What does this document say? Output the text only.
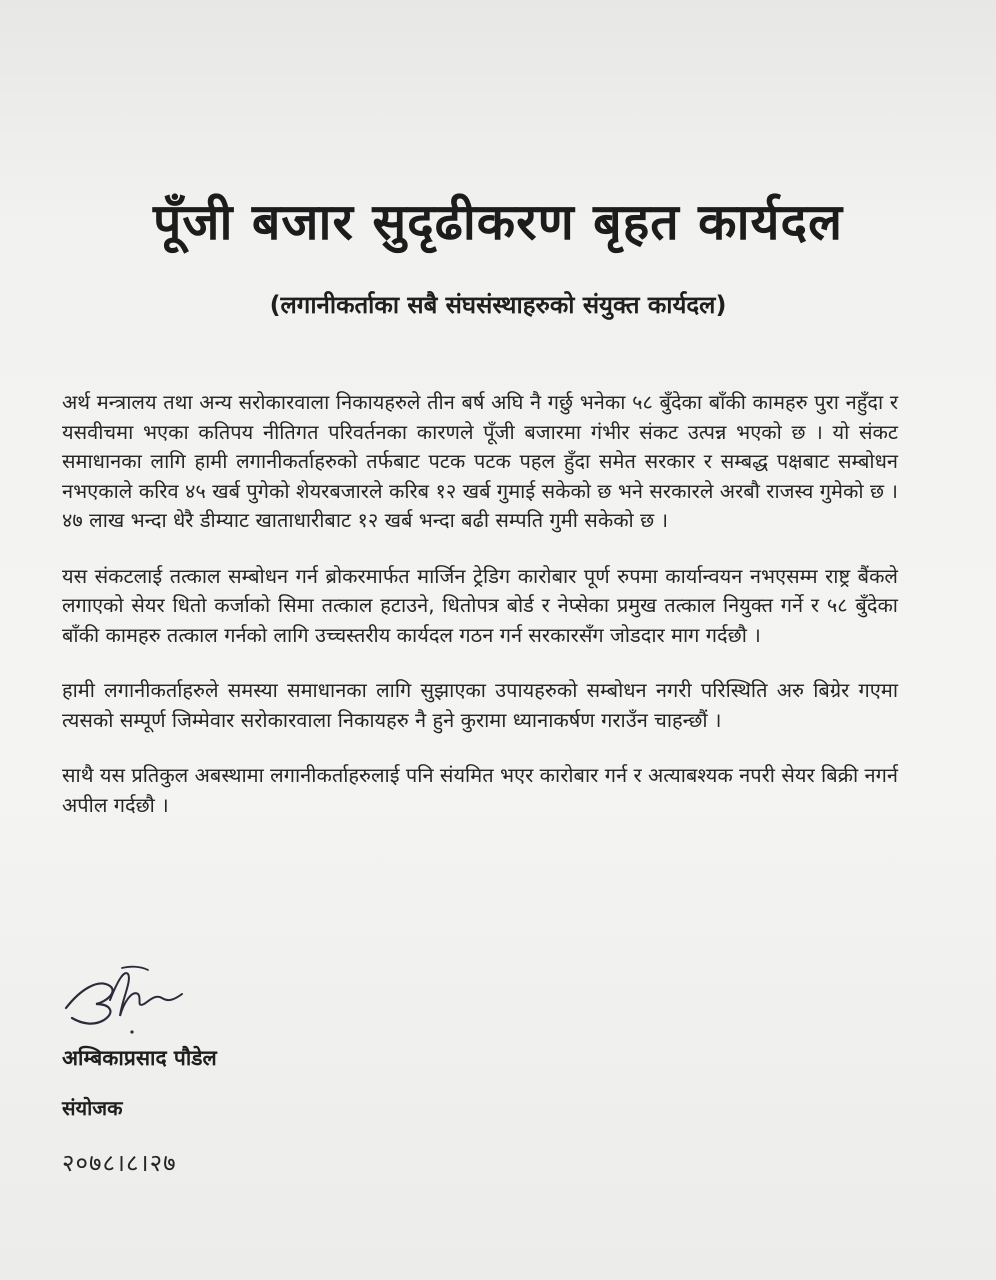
पूँजी बजार सुदृढीकरण बृहत कार्यदल
(लगानीकर्ताका सबै संघसंस्थाहरुको संयुक्त कार्यदल)

अर्थ मन्त्रालय तथा अन्य सरोकारवाला निकायहरुले तीन बर्ष अघि नै गर्छु भनेका ५८ बुँदेका बाँकी कामहरु पुरा नहुँदा र यसवीचमा भएका कतिपय नीतिगत परिवर्तनका कारणले पूँजी बजारमा गंभीर संकट उत्पन्न भएको छ । यो संकट समाधानका लागि हामी लगानीकर्ताहरुको तर्फबाट पटक पटक पहल हुँदा समेत सरकार र सम्बद्ध पक्षबाट सम्बोधन नभएकाले करिव ४५ खर्ब पुगेको शेयरबजारले करिब १२ खर्ब गुमाई सकेको छ भने सरकारले अरबौ राजस्व गुमेको छ । ४७ लाख भन्दा धेरै डीम्याट खाताधारीबाट १२ खर्ब भन्दा बढी सम्पति गुमी सकेको छ ।

यस संकटलाई तत्काल सम्बोधन गर्न ब्रोकरमार्फत मार्जिन ट्रेडिग कारोबार पूर्ण रुपमा कार्यान्वयन नभएसम्म राष्ट्र बैंकले लगाएको सेयर धितो कर्जाको सिमा तत्काल हटाउने, धितोपत्र बोर्ड र नेप्सेका प्रमुख तत्काल नियुक्त गर्ने र ५८ बुँदेका बाँकी कामहरु तत्काल गर्नको लागि उच्चस्तरीय कार्यदल गठन गर्न सरकारसँग जोडदार माग गर्दछौ ।

हामी लगानीकर्ताहरुले समस्या समाधानका लागि सुझाएका उपायहरुको सम्बोधन नगरी परिस्थिति अरु बिग्रेर गएमा त्यसको सम्पूर्ण जिम्मेवार सरोकारवाला निकायहरु नै हुने कुरामा ध्यानाकर्षण गराउँन चाहन्छौं ।

साथै यस प्रतिकुल अबस्थामा लगानीकर्ताहरुलाई पनि संयमित भएर कारोबार गर्न र अत्याबश्यक नपरी सेयर बिक्री नगर्न अपील गर्दछौ ।

अम्बिकाप्रसाद पौडेल
संयोजक
२०७८।८।२७
